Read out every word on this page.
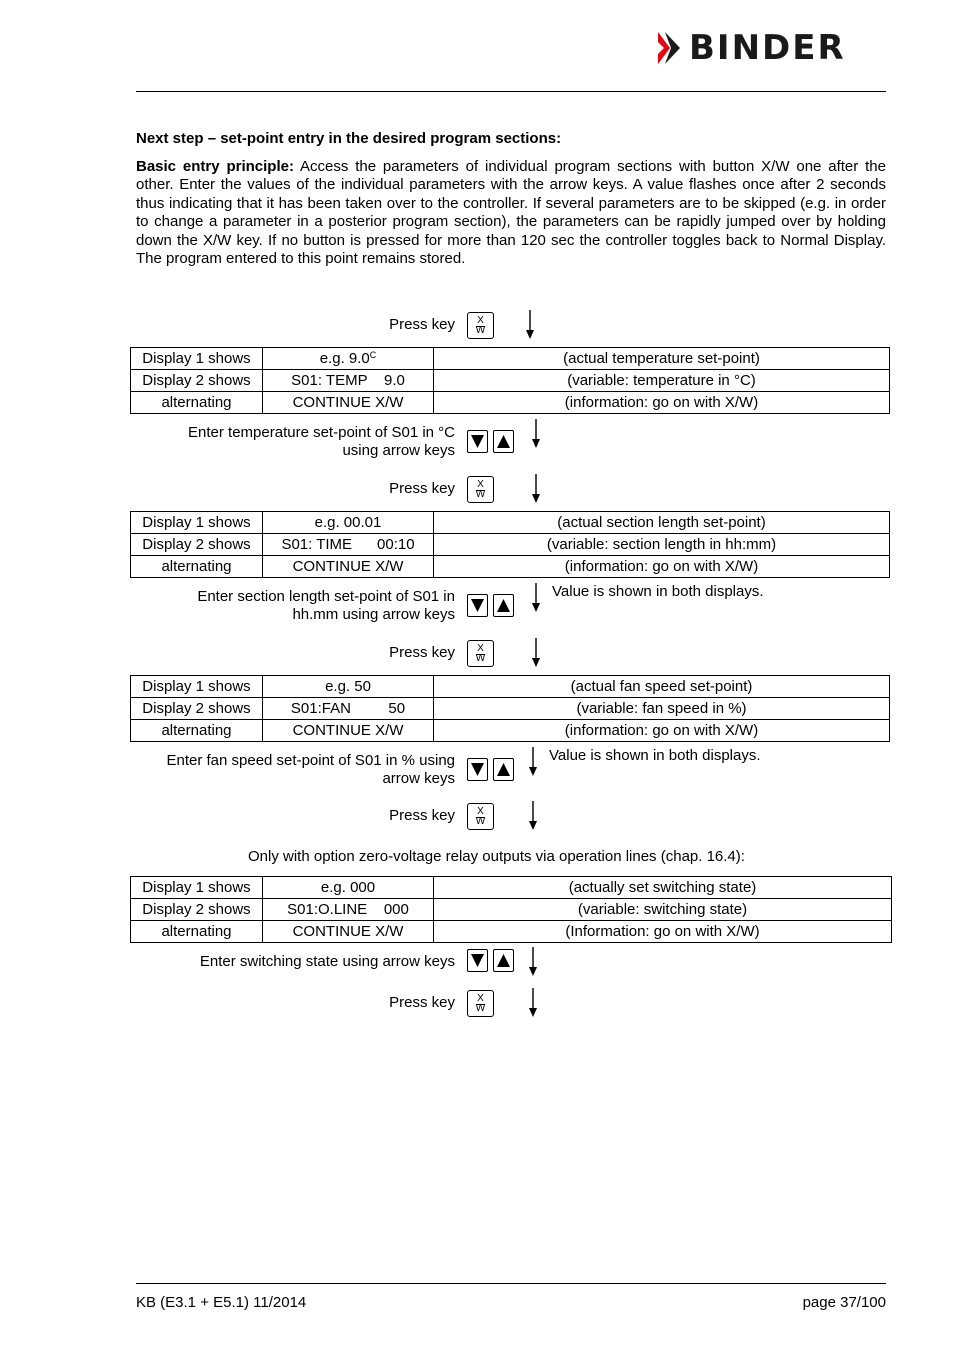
BINDER
Next step – set-point entry in the desired program sections:
Basic entry principle: Access the parameters of individual program sections with button X/W one after the other. Enter the values of the individual parameters with the arrow keys. A value flashes once after 2 seconds thus indicating that it has been taken over to the controller. If several parameters are to be skipped (e.g. in order to change a parameter in a posterior program section), the parameters can be rapidly jumped over by holding down the X/W key. If no button is pressed for more than 120 sec the controller toggles back to Normal Display. The program entered to this point remains stored.
Press key	X
W
Display 1 shows	e.g. $9.0^C$	(actual temperature set-point)
Display 2 shows	S01: TEMP    9.0	(variable: temperature in °C)
alternating	CONTINUE X/W	(information: go on with X/W)
Enter temperature set-point of S01 in °C
using arrow keys
Press key	X
W
Display 1 shows	e.g. 00.01	(actual section length set-point)
Display 2 shows	S01: TIME      00:10	(variable: section length in hh:mm)
alternating	CONTINUE X/W	(information: go on with X/W)
Enter section length set-point of S01 in
hh.mm using arrow keys
Value is shown in both displays.
Press key	X
W
Display 1 shows	e.g. 50	(actual fan speed set-point)
Display 2 shows	S01:FAN         50	(variable: fan speed in %)
alternating	CONTINUE X/W	(information: go on with X/W)
Enter fan speed set-point of S01 in % using
arrow keys
Value is shown in both displays.
Press key	X
W
Only with option zero-voltage relay outputs via operation lines (chap. 16.4):
Display 1 shows	e.g. 000	(actually set switching state)
Display 2 shows	S01:O.LINE    000	(variable: switching state)
alternating	CONTINUE X/W	(Information: go on with X/W)
Enter switching state using arrow keys
Press key	X
W
KB (E3.1 + E5.1) 11/2014	page 37/100
